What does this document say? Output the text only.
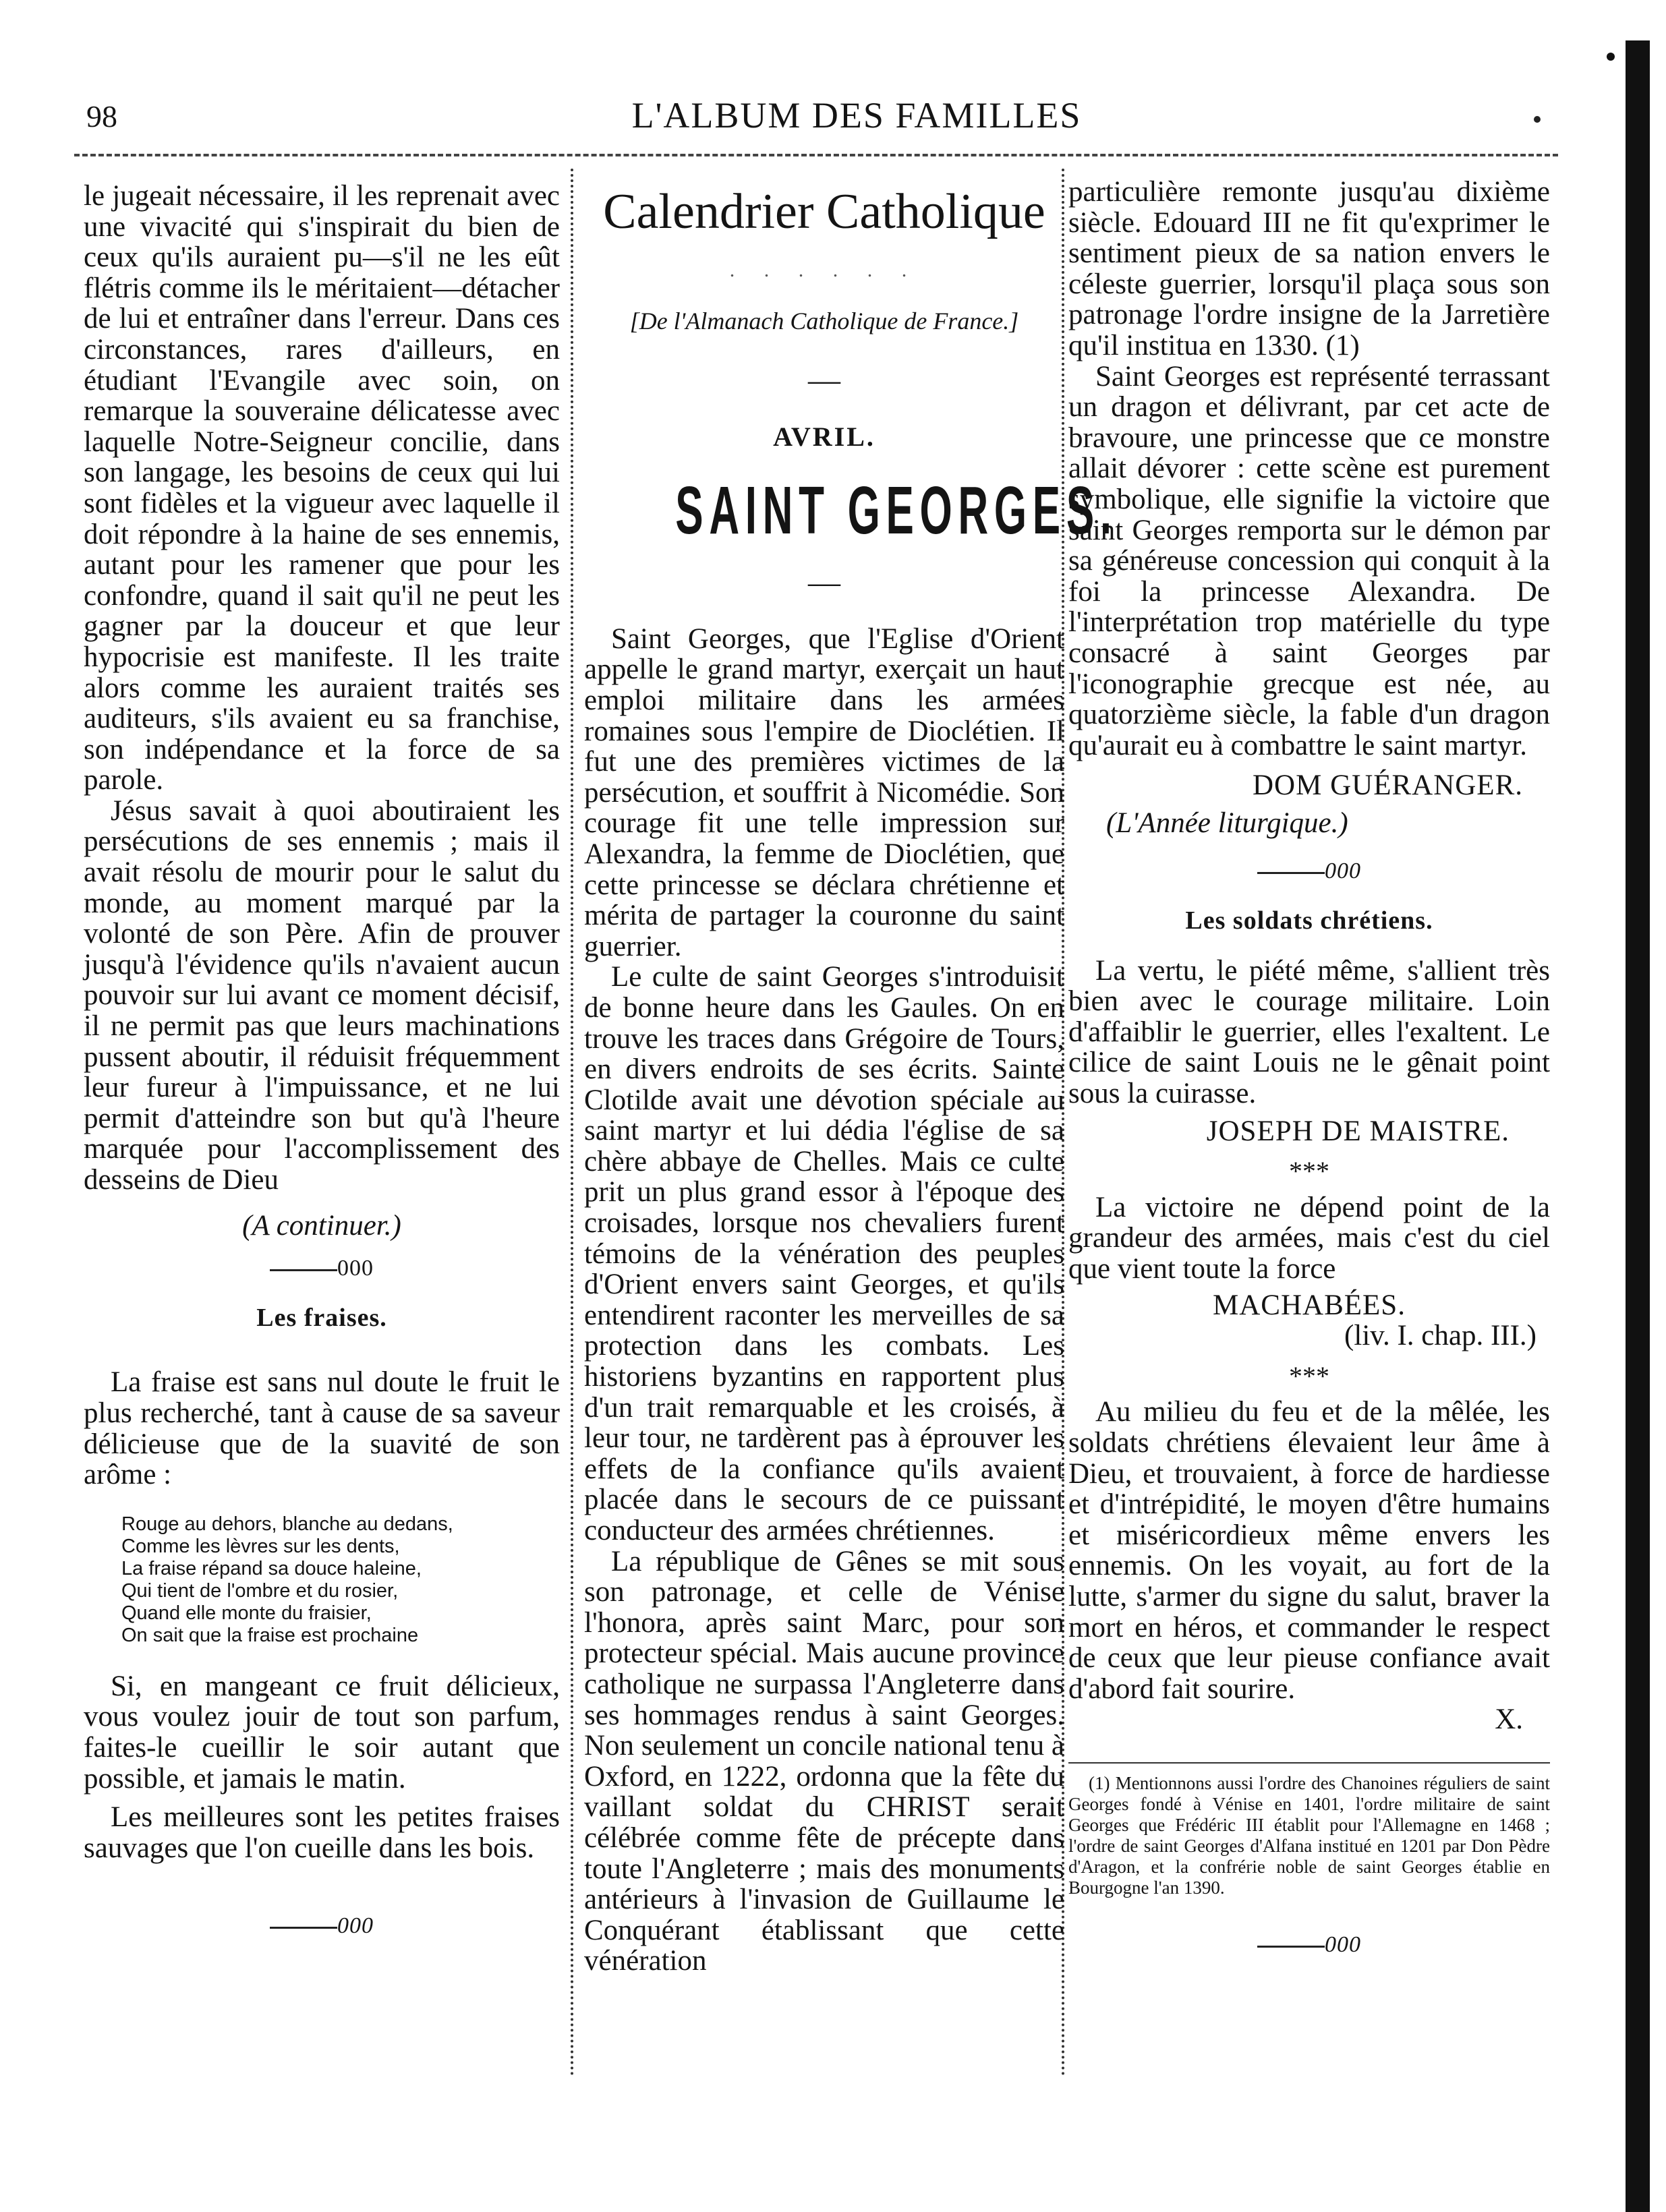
98	L'ALBUM DES FAMILLES

le jugeait nécessaire, il les reprenait avec une vivacité qui s'inspirait du bien de ceux qu'ils auraient pu—s'il ne les eût flétris comme ils le méritaient—détacher de lui et entraîner dans l'erreur. Dans ces circonstances, rares d'ailleurs, en étudiant l'Evangile avec soin, on remarque la souveraine délicatesse avec laquelle Notre-Seigneur concilie, dans son langage, les besoins de ceux qui lui sont fidèles et la vigueur avec laquelle il doit répondre à la haine de ses ennemis, autant pour les ramener que pour les confondre, quand il sait qu'il ne peut les gagner par la douceur et que leur hypocrisie est manifeste. Il les traite alors comme les auraient traités ses auditeurs, s'ils avaient eu sa franchise, son indépendance et la force de sa parole.

Jésus savait à quoi aboutiraient les persécutions de ses ennemis ; mais il avait résolu de mourir pour le salut du monde, au moment marqué par la volonté de son Père. Afin de prouver jusqu'à l'évidence qu'ils n'avaient aucun pouvoir sur lui avant ce moment décisif, il ne permit pas que leurs machinations pussent aboutir, il réduisit fréquemment leur fureur à l'impuissance, et ne lui permit d'atteindre son but qu'à l'heure marquée pour l'accomplissement des desseins de Dieu

(A continuer.)
000
Les fraises.

La fraise est sans nul doute le fruit le plus recherché, tant à cause de sa saveur délicieuse que de la suavité de son arôme :

Rouge au dehors, blanche au dedans,
Comme les lèvres sur les dents,
La fraise répand sa douce haleine,
Qui tient de l'ombre et du rosier,
Quand elle monte du fraisier,
On sait que la fraise est prochaine

Si, en mangeant ce fruit délicieux, vous voulez jouir de tout son parfum, faites-le cueillir le soir autant que possible, et jamais le matin.

Les meilleures sont les petites fraises sauvages que l'on cueille dans les bois.

000
Calendrier Catholique
. . . . . .
[De l'Almanach Catholique de France.]
—
AVRIL.
SAINT GEORGES.
—

Saint Georges, que l'Eglise d'Orient appelle le grand martyr, exerçait un haut emploi militaire dans les armées romaines sous l'empire de Dioclétien. Il fut une des premières victimes de la persécution, et souffrit à Nicomédie. Son courage fit une telle impression sur Alexandra, la femme de Dioclétien, que cette princesse se déclara chrétienne et mérita de partager la couronne du saint guerrier.

Le culte de saint Georges s'introduisit de bonne heure dans les Gaules. On en trouve les traces dans Grégoire de Tours, en divers endroits de ses écrits. Sainte Clotilde avait une dévotion spéciale au saint martyr et lui dédia l'église de sa chère abbaye de Chelles. Mais ce culte prit un plus grand essor à l'époque des croisades, lorsque nos chevaliers furent témoins de la vénération des peuples d'Orient envers saint Georges, et qu'ils entendirent raconter les merveilles de sa protection dans les combats. Les historiens byzantins en rapportent plus d'un trait remarquable et les croisés, à leur tour, ne tardèrent pas à éprouver les effets de la confiance qu'ils avaient placée dans le secours de ce puissant conducteur des armées chrétiennes.

La république de Gênes se mit sous son patronage, et celle de Vénise l'honora, après saint Marc, pour son protecteur spécial. Mais aucune province catholique ne surpassa l'Angleterre dans ses hommages rendus à saint Georges. Non seulement un concile national tenu à Oxford, en 1222, ordonna que la fête du vaillant soldat du CHRIST serait célébrée comme fête de précepte dans toute l'Angleterre ; mais des monuments antérieurs à l'invasion de Guillaume le Conquérant établissant que cette vénération

particulière remonte jusqu'au dixième siècle. Edouard III ne fit qu'exprimer le sentiment pieux de sa nation envers le céleste guerrier, lorsqu'il plaça sous son patronage l'ordre insigne de la Jarretière qu'il institua en 1330. (1)

Saint Georges est représenté terrassant un dragon et délivrant, par cet acte de bravoure, une princesse que ce monstre allait dévorer : cette scène est purement symbolique, elle signifie la victoire que saint Georges remporta sur le démon par sa généreuse concession qui conquit à la foi la princesse Alexandra. De l'interprétation trop matérielle du type consacré à saint Georges par l'iconographie grecque est née, au quatorzième siècle, la fable d'un dragon qu'aurait eu à combattre le saint martyr.

DOM GUÉRANGER.
(L'Année liturgique.)
000
Les soldats chrétiens.

La vertu, le piété même, s'allient très bien avec le courage militaire. Loin d'affaiblir le guerrier, elles l'exaltent. Le cilice de saint Louis ne le gênait point sous la cuirasse.

JOSEPH DE MAISTRE.
***

La victoire ne dépend point de la grandeur des armées, mais c'est du ciel que vient toute la force

MACHABÉES.
(liv. I. chap. III.)
***

Au milieu du feu et de la mêlée, les soldats chrétiens élevaient leur âme à Dieu, et trouvaient, à force de hardiesse et d'intrépidité, le moyen d'être humains et miséricordieux même envers les ennemis. On les voyait, au fort de la lutte, s'armer du signe du salut, braver la mort en héros, et commander le respect de ceux que leur pieuse confiance avait d'abord fait sourire.

X.

(1) Mentionnons aussi l'ordre des Chanoines réguliers de saint Georges fondé à Vénise en 1401, l'ordre militaire de saint Georges que Frédéric III établit pour l'Allemagne en 1468 ; l'ordre de saint Georges d'Alfana institué en 1201 par Don Pèdre d'Aragon, et la confrérie noble de saint Georges établie en Bourgogne l'an 1390.

000
